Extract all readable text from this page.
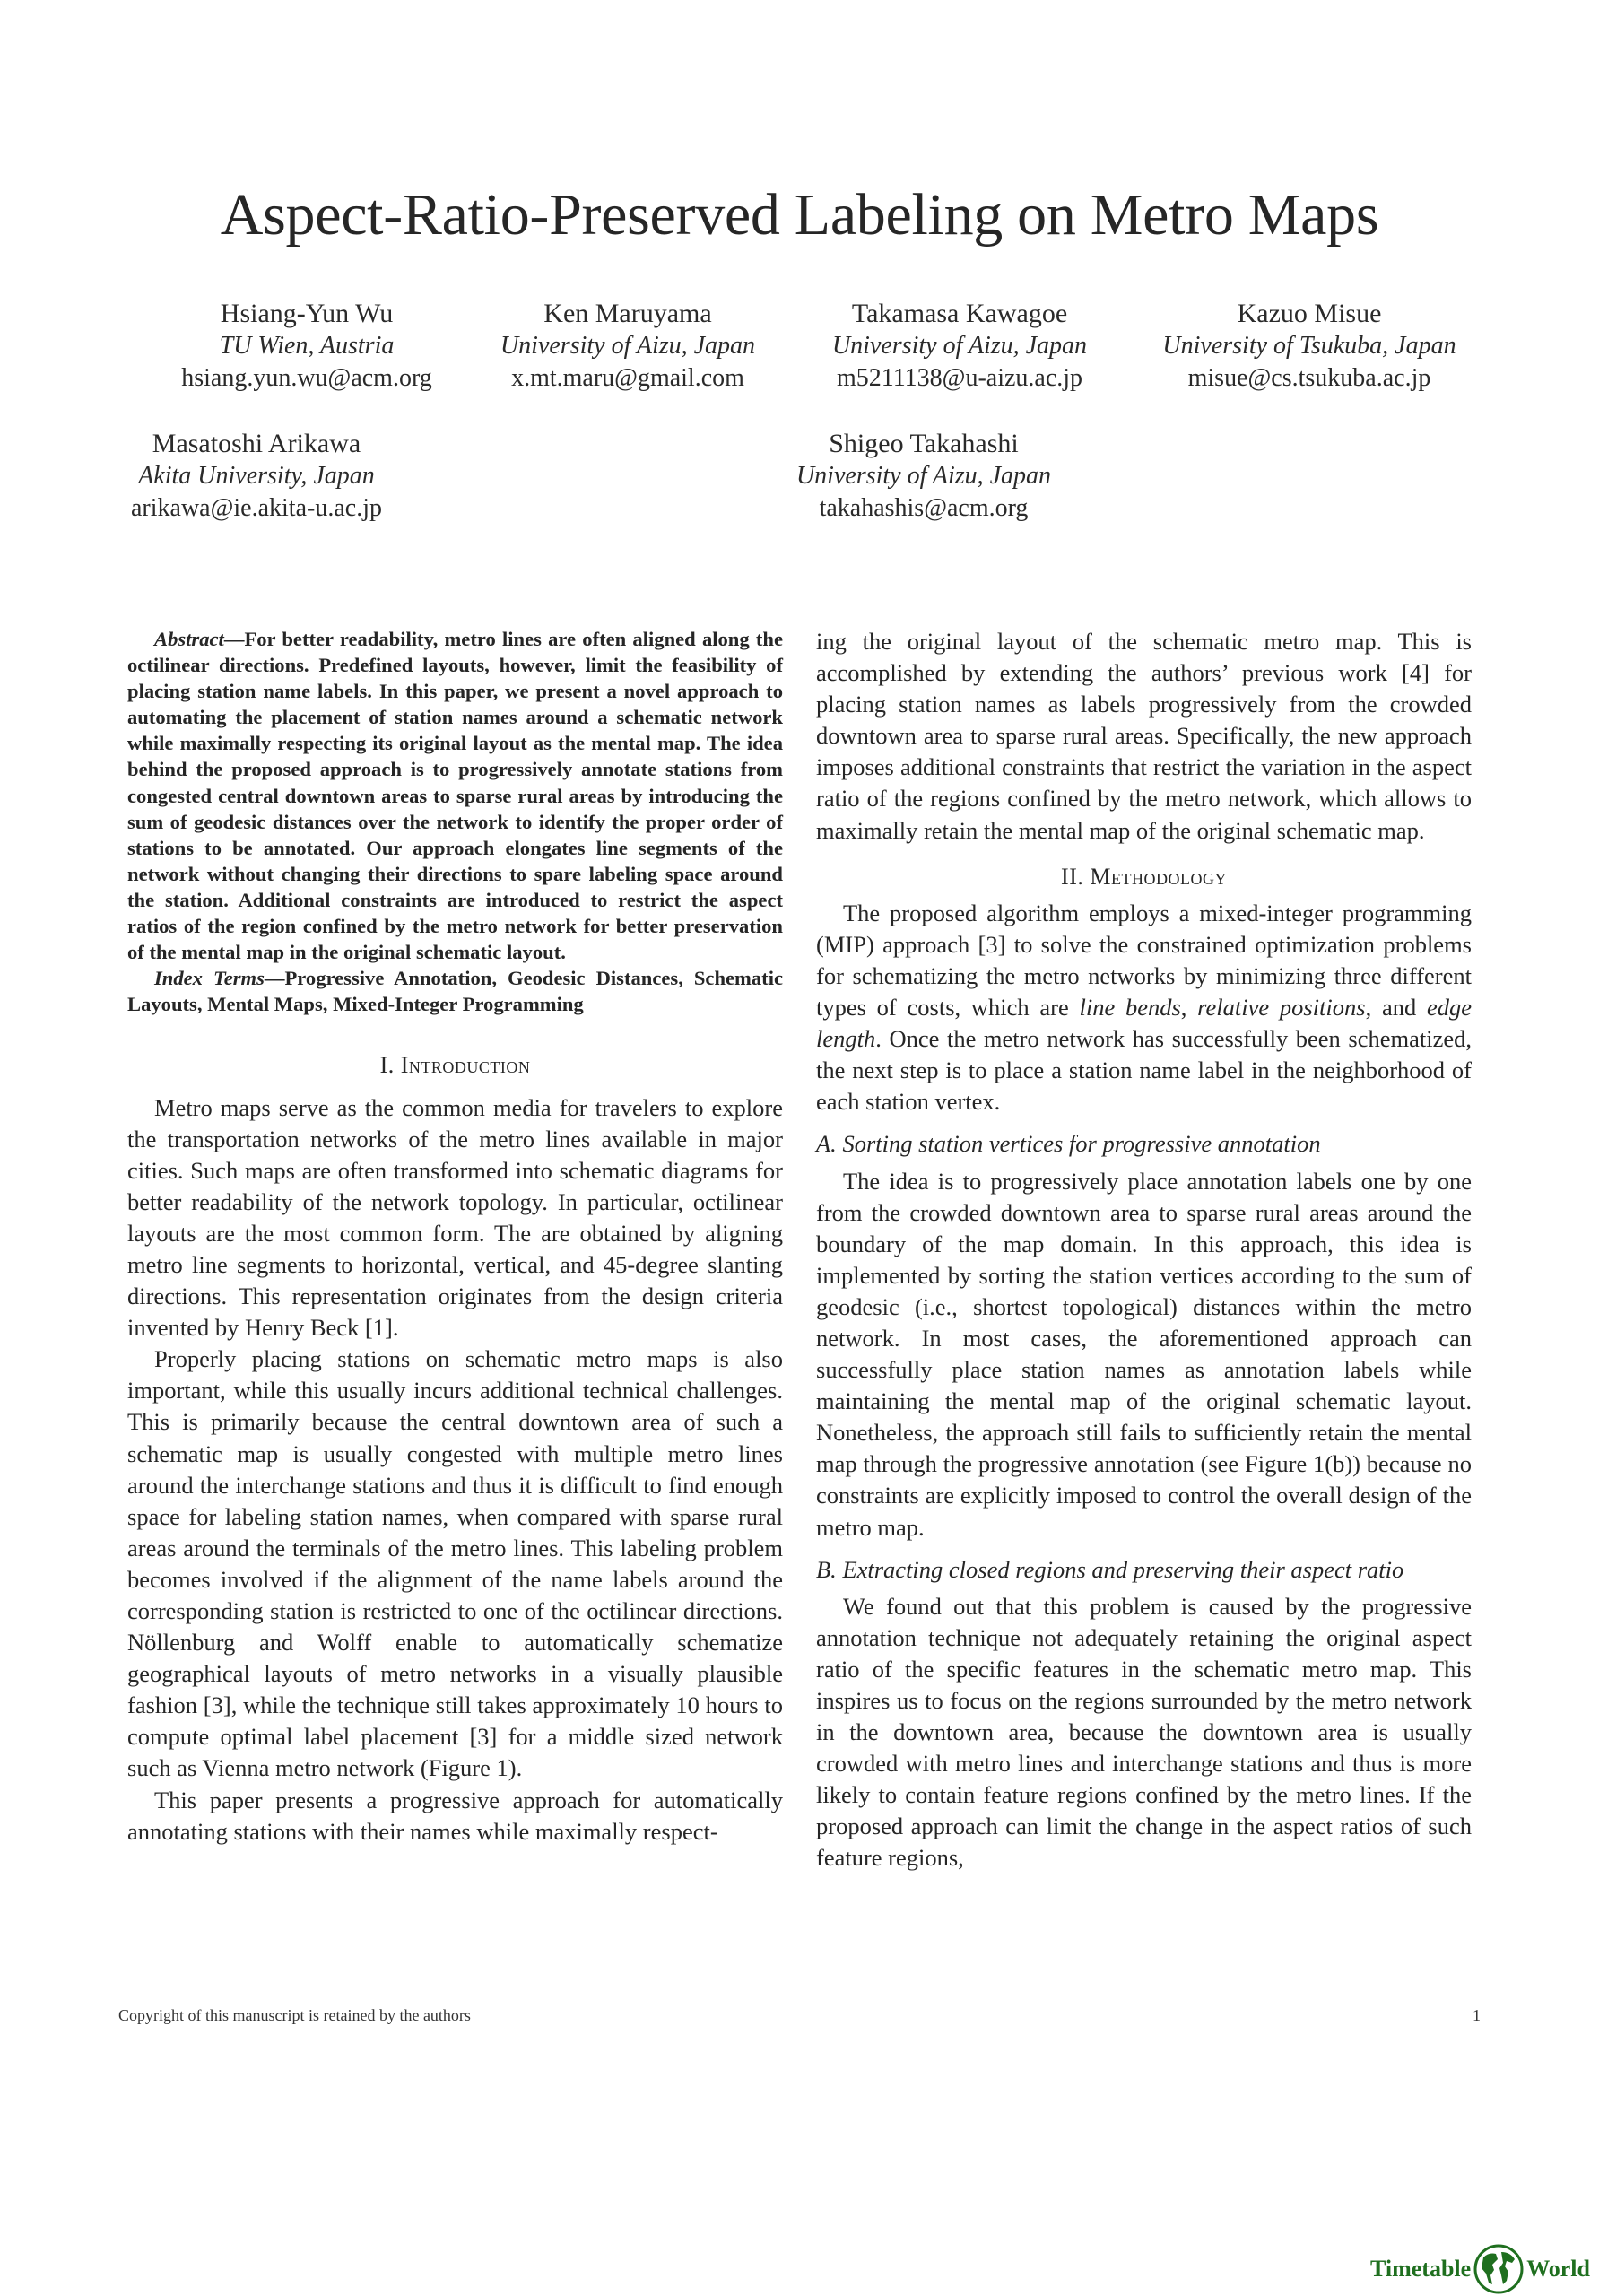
Aspect-Ratio-Preserved Labeling on Metro Maps
Hsiang-Yun Wu
TU Wien, Austria
hsiang.yun.wu@acm.org
Ken Maruyama
University of Aizu, Japan
x.mt.maru@gmail.com
Takamasa Kawagoe
University of Aizu, Japan
m5211138@u-aizu.ac.jp
Kazuo Misue
University of Tsukuba, Japan
misue@cs.tsukuba.ac.jp
Masatoshi Arikawa
Akita University, Japan
arikawa@ie.akita-u.ac.jp
Shigeo Takahashi
University of Aizu, Japan
takahashis@acm.org

Abstract—For better readability, metro lines are often aligned along the octilinear directions. Predefined layouts, however, limit the feasibility of placing station name labels. In this paper, we present a novel approach to automating the placement of station names around a schematic network while maximally respecting its original layout as the mental map. The idea behind the proposed approach is to progressively annotate stations from congested central downtown areas to sparse rural areas by introducing the sum of geodesic distances over the network to identify the proper order of stations to be annotated. Our approach elongates line segments of the network without changing their directions to spare labeling space around the station. Additional constraints are introduced to restrict the aspect ratios of the region confined by the metro network for better preservation of the mental map in the original schematic layout.

Index Terms—Progressive Annotation, Geodesic Distances, Schematic Layouts, Mental Maps, Mixed-Integer Programming

I. Introduction

Metro maps serve as the common media for travelers to explore the transportation networks of the metro lines available in major cities. Such maps are often transformed into schematic diagrams for better readability of the network topology. In particular, octilinear layouts are the most common form. The are obtained by aligning metro line segments to horizontal, vertical, and 45-degree slanting directions. This representation originates from the design criteria invented by Henry Beck [1].

Properly placing stations on schematic metro maps is also important, while this usually incurs additional technical challenges. This is primarily because the central downtown area of such a schematic map is usually congested with multiple metro lines around the interchange stations and thus it is difficult to find enough space for labeling station names, when compared with sparse rural areas around the terminals of the metro lines. This labeling problem becomes involved if the alignment of the name labels around the corresponding station is restricted to one of the octilinear directions. Nöllenburg and Wolff enable to automatically schematize geographical layouts of metro networks in a visually plausible fashion [3], while the technique still takes approximately 10 hours to compute optimal label placement [3] for a middle sized network such as Vienna metro network (Figure 1).

This paper presents a progressive approach for automatically annotating stations with their names while maximally respect-

ing the original layout of the schematic metro map. This is accomplished by extending the authors’ previous work [4] for placing station names as labels progressively from the crowded downtown area to sparse rural areas. Specifically, the new approach imposes additional constraints that restrict the variation in the aspect ratio of the regions confined by the metro network, which allows to maximally retain the mental map of the original schematic map.

II. Methodology

The proposed algorithm employs a mixed-integer programming (MIP) approach [3] to solve the constrained optimization problems for schematizing the metro networks by minimizing three different types of costs, which are line bends, relative positions, and edge length. Once the metro network has successfully been schematized, the next step is to place a station name label in the neighborhood of each station vertex.

A. Sorting station vertices for progressive annotation

The idea is to progressively place annotation labels one by one from the crowded downtown area to sparse rural areas around the boundary of the map domain. In this approach, this idea is implemented by sorting the station vertices according to the sum of geodesic (i.e., shortest topological) distances within the metro network. In most cases, the aforementioned approach can successfully place station names as annotation labels while maintaining the mental map of the original schematic layout. Nonetheless, the approach still fails to sufficiently retain the mental map through the progressive annotation (see Figure 1(b)) because no constraints are explicitly imposed to control the overall design of the metro map.

B. Extracting closed regions and preserving their aspect ratio

We found out that this problem is caused by the progressive annotation technique not adequately retaining the original aspect ratio of the specific features in the schematic metro map. This inspires us to focus on the regions surrounded by the metro network in the downtown area, because the downtown area is usually crowded with metro lines and interchange stations and thus is more likely to contain feature regions confined by the metro lines. If the proposed approach can limit the change in the aspect ratios of such feature regions,

Copyright of this manuscript is retained by the authors	1
Timetable World
